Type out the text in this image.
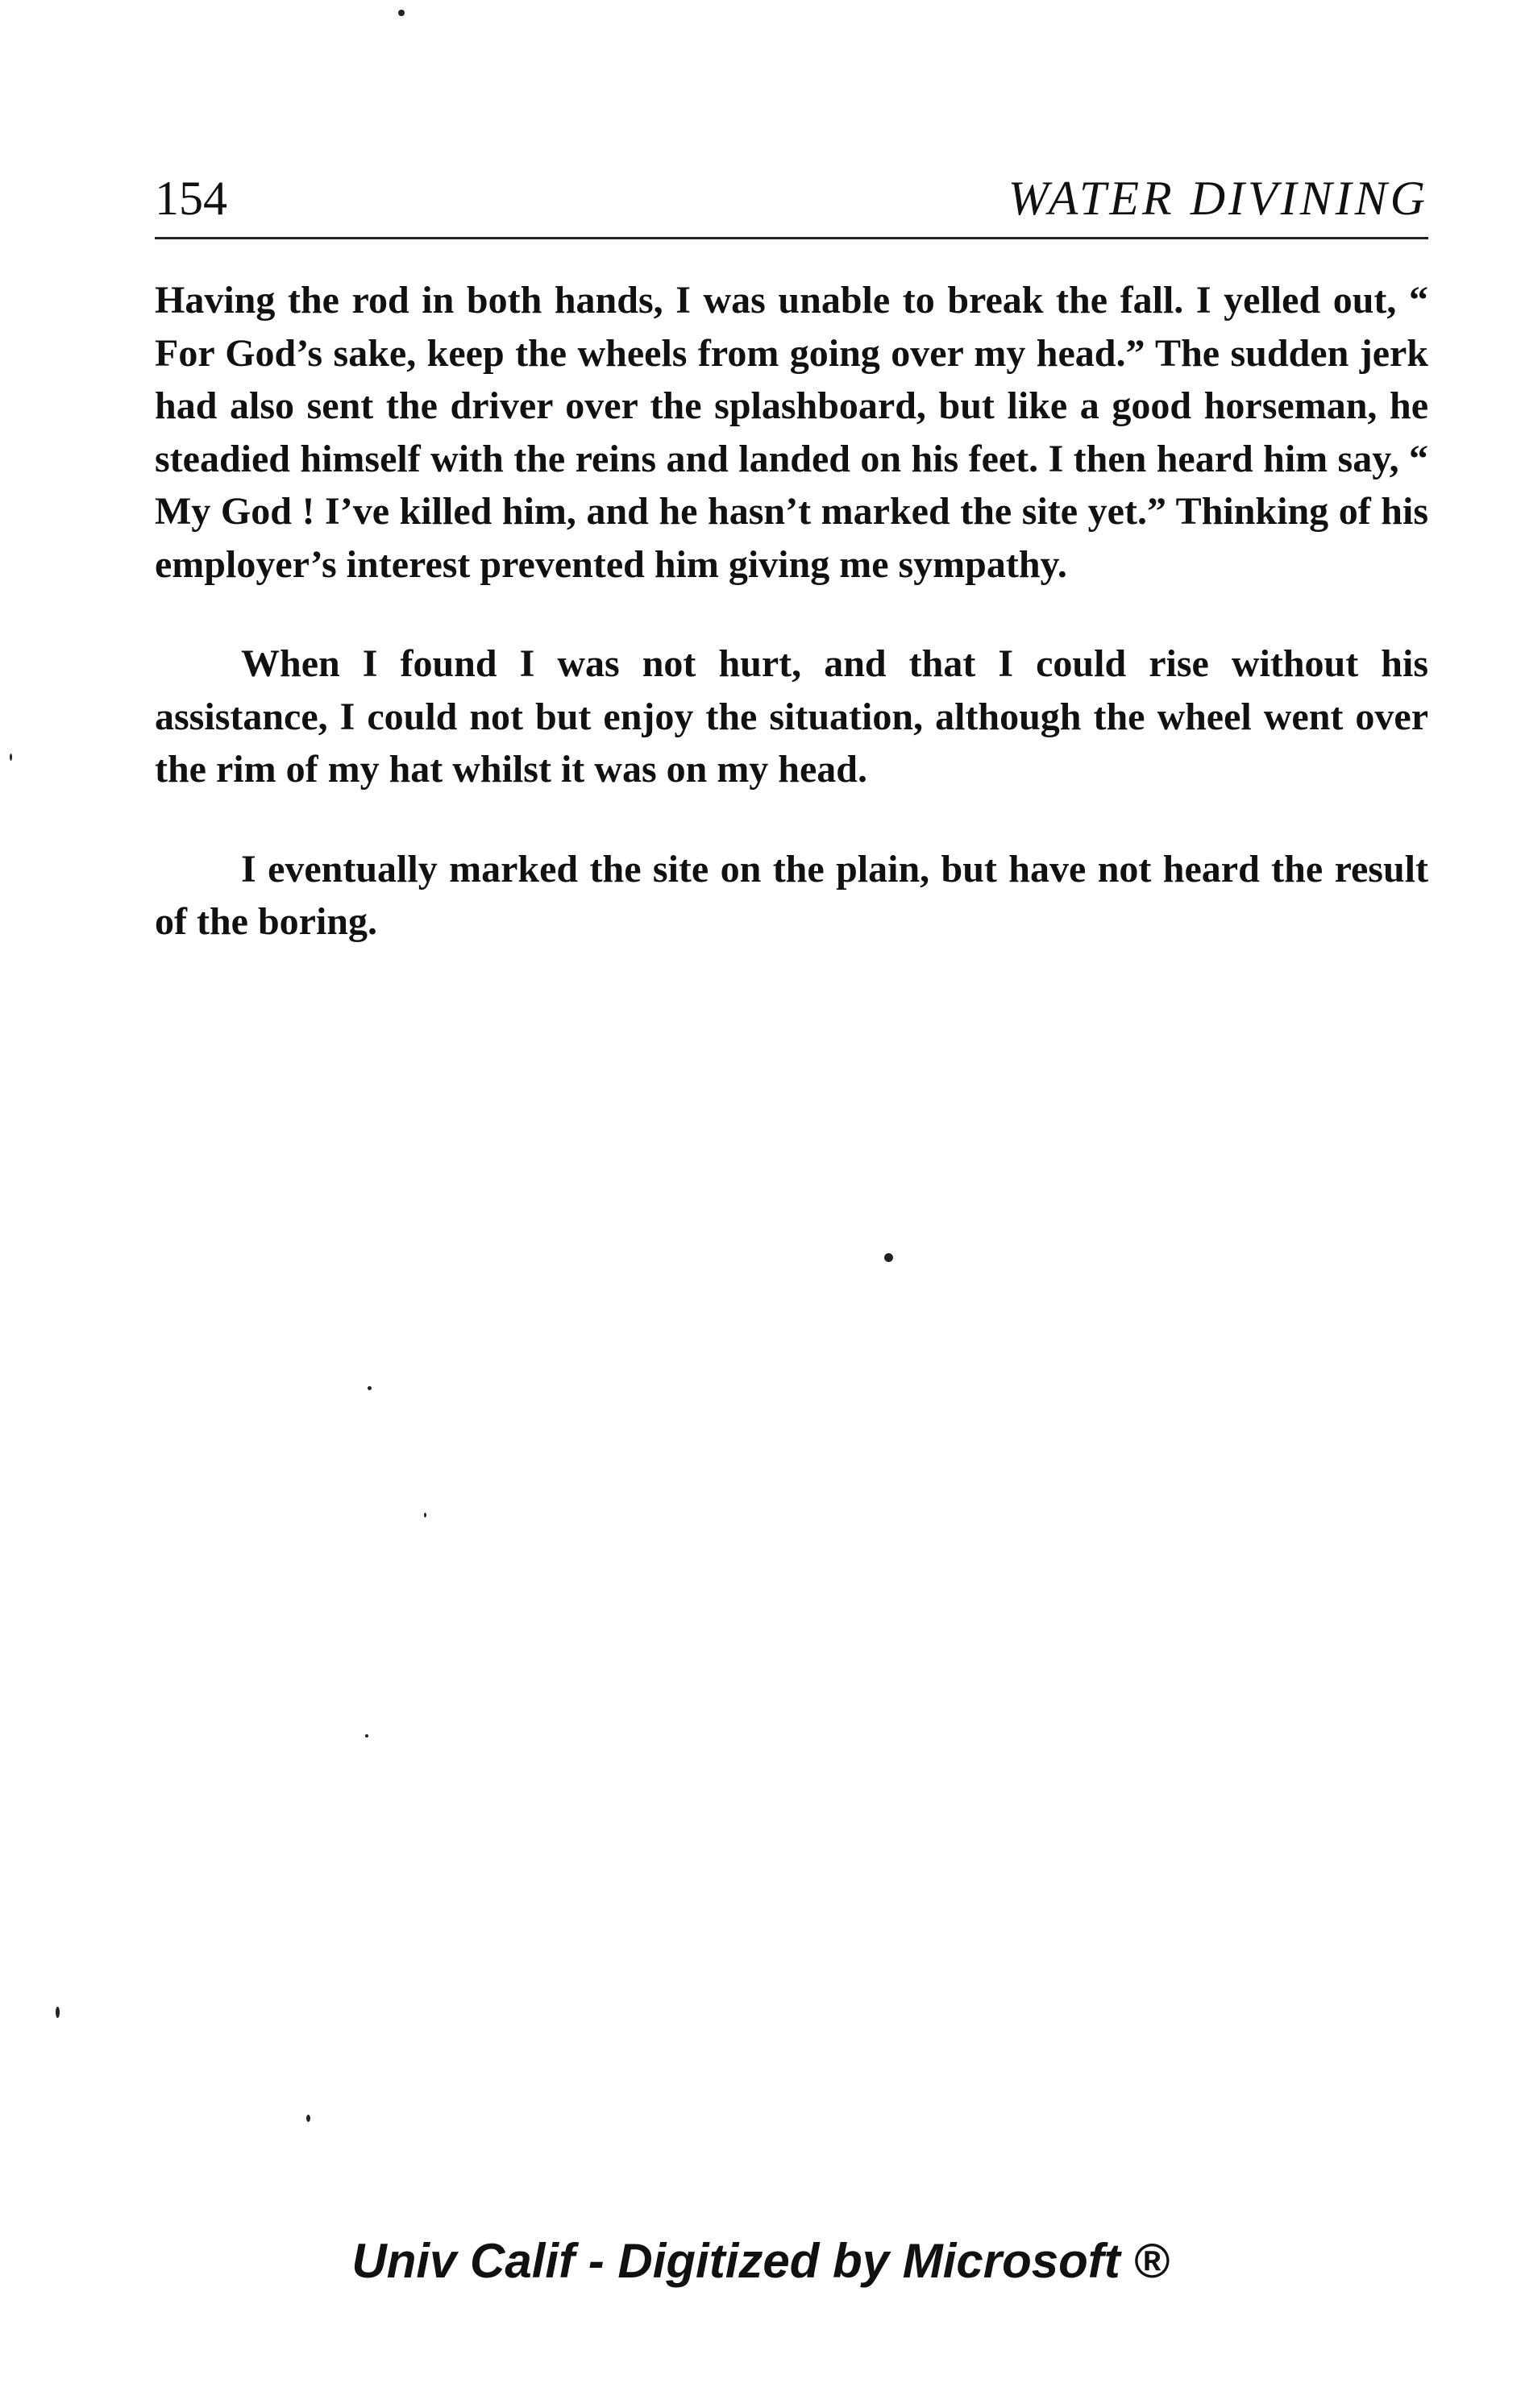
154	WATER DIVINING

Having the rod in both hands, I was unable to break the fall. I yelled out, “ For God’s sake, keep the wheels from going over my head.” The sudden jerk had also sent the driver over the splashboard, but like a good horseman, he steadied himself with the reins and landed on his feet. I then heard him say, “ My God ! I’ve killed him, and he hasn’t marked the site yet.” Thinking of his employer’s interest prevented him giving me sympathy.

When I found I was not hurt, and that I could rise without his assistance, I could not but enjoy the situation, although the wheel went over the rim of my hat whilst it was on my head.

I eventually marked the site on the plain, but have not heard the result of the boring.

Univ Calif - Digitized by Microsoft ®
